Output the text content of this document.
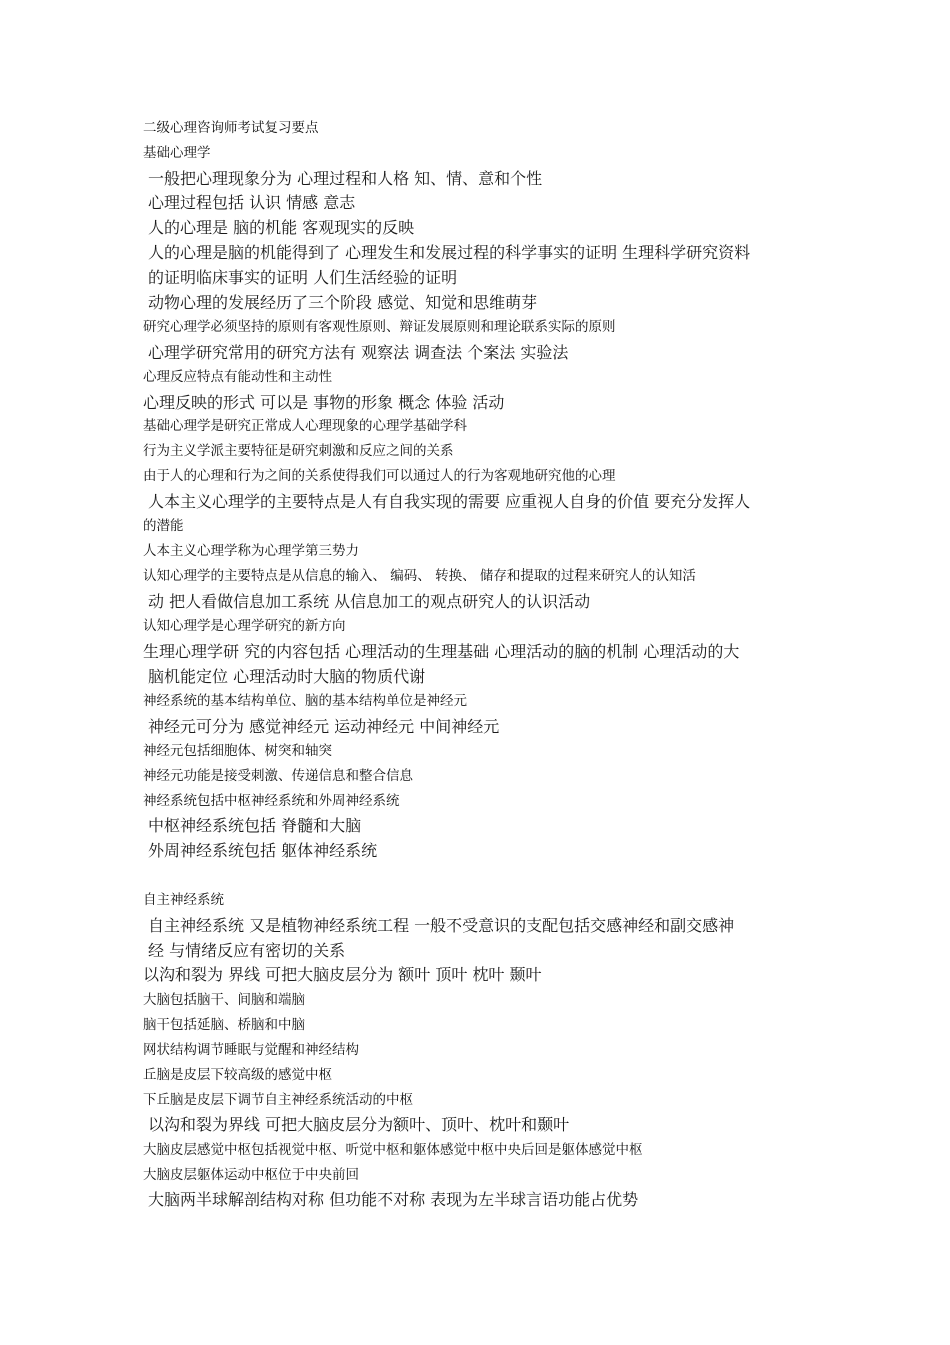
二级心理咨询师考试复习要点
基础心理学
一般把心理现象分为 心理过程和人格 知、情、意和个性
心理过程包括 认识 情感 意志
人的心理是 脑的机能 客观现实的反映
人的心理是脑的机能得到了 心理发生和发展过程的科学事实的证明 生理科学研究资料
的证明临床事实的证明 人们生活经验的证明
动物心理的发展经历了三个阶段 感觉、知觉和思维萌芽
研究心理学必须坚持的原则有客观性原则、辩证发展原则和理论联系实际的原则
心理学研究常用的研究方法有 观察法 调查法 个案法 实验法
心理反应特点有能动性和主动性
心理反映的形式 可以是 事物的形象 概念 体验 活动
基础心理学是研究正常成人心理现象的心理学基础学科
行为主义学派主要特征是研究刺激和反应之间的关系
由于人的心理和行为之间的关系使得我们可以通过人的行为客观地研究他的心理
人本主义心理学的主要特点是人有自我实现的需要 应重视人自身的价值 要充分发挥人
的潜能
人本主义心理学称为心理学第三势力
认知心理学的主要特点是从信息的输入、 编码、 转换、 储存和提取的过程来研究人的认知活
动 把人看做信息加工系统 从信息加工的观点研究人的认识活动
认知心理学是心理学研究的新方向
生理心理学研 究的内容包括 心理活动的生理基础 心理活动的脑的机制 心理活动的大
脑机能定位 心理活动时大脑的物质代谢
神经系统的基本结构单位、脑的基本结构单位是神经元
神经元可分为 感觉神经元 运动神经元 中间神经元
神经元包括细胞体、树突和轴突
神经元功能是接受刺激、传递信息和整合信息
神经系统包括中枢神经系统和外周神经系统
中枢神经系统包括 脊髓和大脑
外周神经系统包括 躯体神经系统
自主神经系统
自主神经系统 又是植物神经系统工程 一般不受意识的支配包括交感神经和副交感神
经 与情绪反应有密切的关系
以沟和裂为 界线 可把大脑皮层分为 额叶 顶叶 枕叶 颞叶
大脑包括脑干、间脑和端脑
脑干包括延脑、桥脑和中脑
网状结构调节睡眠与觉醒和神经结构
丘脑是皮层下较高级的感觉中枢
下丘脑是皮层下调节自主神经系统活动的中枢
以沟和裂为界线 可把大脑皮层分为额叶、顶叶、枕叶和颞叶
大脑皮层感觉中枢包括视觉中枢、听觉中枢和躯体感觉中枢中央后回是躯体感觉中枢
大脑皮层躯体运动中枢位于中央前回
大脑两半球解剖结构对称 但功能不对称 表现为左半球言语功能占优势
